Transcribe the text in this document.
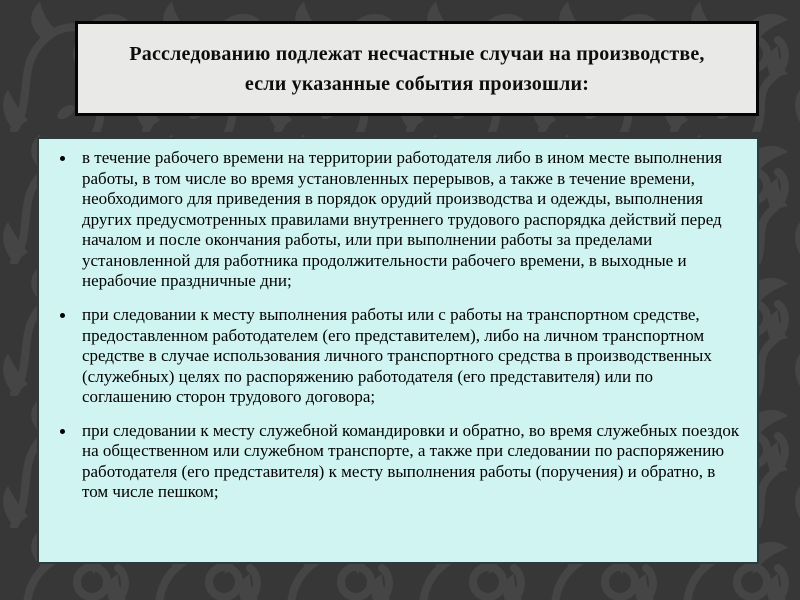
Расследованию подлежат несчастные случаи на производстве, если указанные события произошли:
в течение рабочего времени на территории работодателя либо в ином месте выполнения работы, в том числе во время установленных перерывов, а также в течение времени, необходимого для приведения в порядок орудий производства и одежды, выполнения других предусмотренных правилами внутреннего трудового распорядка действий перед началом и после окончания работы, или при выполнении работы за пределами установленной для работника продолжительности рабочего времени, в выходные и нерабочие праздничные дни;
при следовании к месту выполнения работы или с работы на транспортном средстве, предоставленном работодателем (его представителем), либо на личном транспортном средстве в случае использования личного транспортного средства в производственных (служебных) целях по распоряжению работодателя (его представителя) или по соглашению сторон трудового договора;
при следовании к месту служебной командировки и обратно, во время служебных поездок на общественном или служебном транспорте, а также при следовании по распоряжению работодателя (его представителя) к месту выполнения работы (поручения) и обратно, в том числе пешком;
